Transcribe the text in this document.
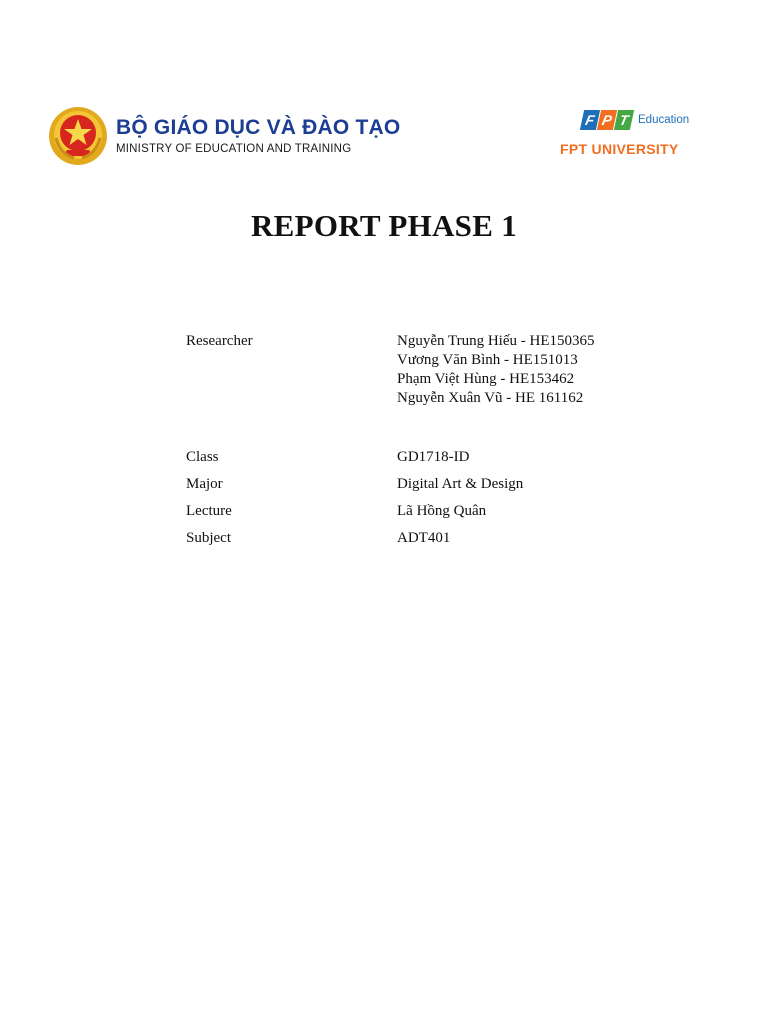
BỘ GIÁO DỤC VÀ ĐÀO TẠO
MINISTRY OF EDUCATION AND TRAINING
F P T Education
FPT UNIVERSITY
REPORT PHASE 1
Researcher	Nguyễn Trung Hiếu - HE150365
Vương Văn Bình - HE151013
Phạm Việt Hùng - HE153462
Nguyễn Xuân Vũ - HE 161162
Class	GD1718-ID
Major	Digital Art & Design
Lecture	Lã Hồng Quân
Subject	ADT401
